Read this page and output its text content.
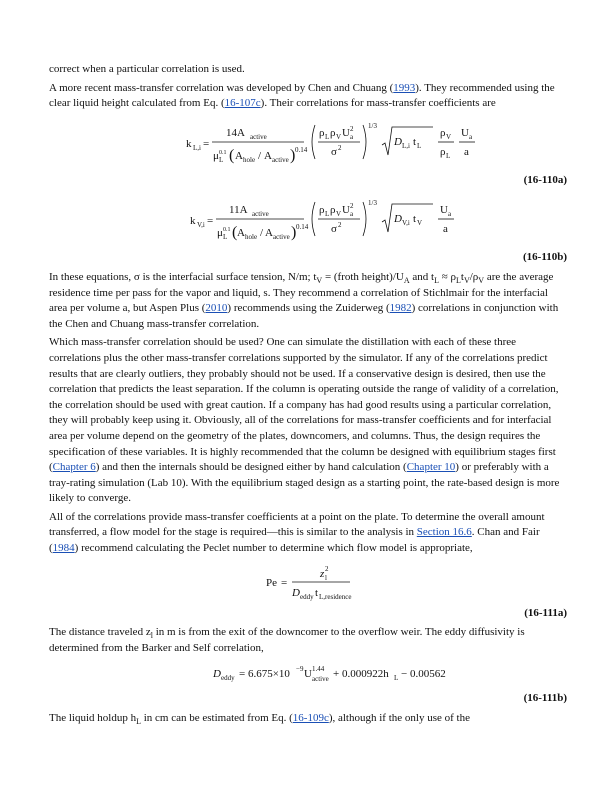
correct when a particular correlation is used.

A more recent mass-transfer correlation was developed by Chen and Chuang (1993). They recommended using the clear liquid height calculated from Eq. (16-107c). Their correlations for mass-transfer coefficients are

k L,i =
14A active
μ 0.1
L ( A hole / A active ) 0.14
ρ L ρ V U 2
a
σ 2
1/3
D L,i t L
ρ V
ρ L
U a
a
(16-110a)
k V,i =
11A active
μ 0.1
L ( A hole / A active ) 0.14
ρ L ρ V U 2
a
σ 2
1/3
D V,i t V
U a
a
(16-110b)

In these equations, σ is the interfacial surface tension, N/m; $t_V$ = (froth $height)/U_A$ and $t_L \approx \rho_Lt_V/\rho_V$ are the average residence time per pass for the vapor and liquid, s. They recommend a correlation of Stichlmair for the interfacial area per volume a, but Aspen Plus (2010) recommends using the Zuiderweg (1982) correlations in conjunction with the Chen and Chuang mass-transfer correlation.

Which mass-transfer correlation should be used? One can simulate the distillation with each of these three correlations plus the other mass-transfer correlations supported by the simulator. If any of the correlations predict results that are clearly outliers, they probably should not be used. If a conservative design is desired, then use the correlation that predicts the least separation. If the column is operating outside the range of validity of a correlation, the correlation should be used with great caution. If a company has had good results using a particular correlation, they will probably keep using it. Obviously, all of the correlations for mass-transfer coefficients and for interfacial area per volume depend on the geometry of the plates, downcomers, and columns. Thus, the design requires the specification of these variables. It is highly recommended that the column be designed with equilibrium stages first (Chapter 6) and then the internals should be designed either by hand calculation (Chapter 10) or preferably with a tray-rating simulation (Lab 10). With the equilibrium staged design as a starting point, the rate-based design is more likely to converge.

All of the correlations provide mass-transfer coefficients at a point on the plate. To determine the overall amount transferred, a flow model for the stage is required—this is similar to the analysis in Section 16.6. Chan and Fair (1984) recommend calculating the Peclet number to determine which flow model is appropriate,

Pe =
z l
2
D eddy t L,residence
(16-111a)

The distance traveled $z_l$ in m is from the exit of the downcomer to the overflow weir. The eddy diffusivity is determined from the Barker and Self correlation,

D eddy = 6.675×10 −9 U 1.44
active + 0.000922h L − 0.00562
(16-111b)

The liquid holdup $h_L$ in cm can be estimated from Eq. (16-109c), although if the only use of the
